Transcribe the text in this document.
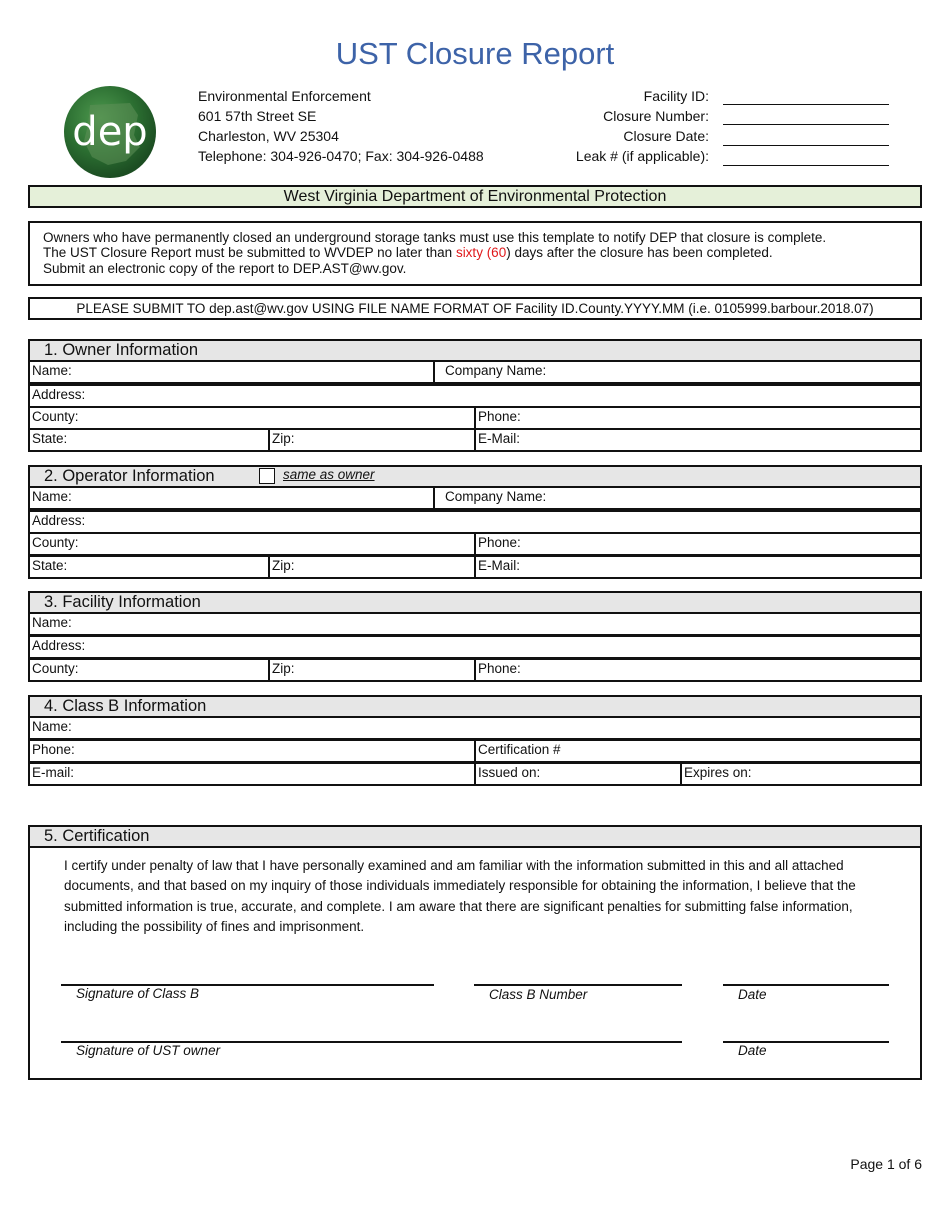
UST Closure Report
dep
Environmental Enforcement
601 57th Street SE
Charleston, WV 25304
Telephone: 304-926-0470; Fax: 304-926-0488
Facility ID:
Closure Number:
Closure Date:
Leak # (if applicable):
West Virginia Department of Environmental Protection
Owners who have permanently closed an underground storage tanks must use this template to notify DEP that closure is complete.
The UST Closure Report must be submitted to WVDEP no later than sixty (60) days after the closure has been completed.
Submit an electronic copy of the report to DEP.AST@wv.gov.
PLEASE SUBMIT TO dep.ast@wv.gov USING FILE NAME FORMAT OF Facility ID.County.YYYY.MM (i.e. 0105999.barbour.2018.07)
1. Owner Information
Name:	Company Name:
Address:
County:	Phone:
State:	Zip:	E-Mail:
2. Operator Information	same as owner
Name:	Company Name:
Address:
County:	Phone:
State:	Zip:	E-Mail:
3. Facility Information
Name:
Address:
County:	Zip:	Phone:
4. Class B Information
Name:
Phone:	Certification #
E-mail:	Issued on:	Expires on:
5. Certification
I certify under penalty of law that I have personally examined and am familiar with the information submitted in this and all attached documents, and that based on my inquiry of those individuals immediately responsible for obtaining the information, I believe that the submitted information is true, accurate, and complete. I am aware that there are significant penalties for submitting false information, including the possibility of fines and imprisonment.
Signature of Class B	Class B Number	Date
Signature of UST owner	Date
Page 1 of 6
